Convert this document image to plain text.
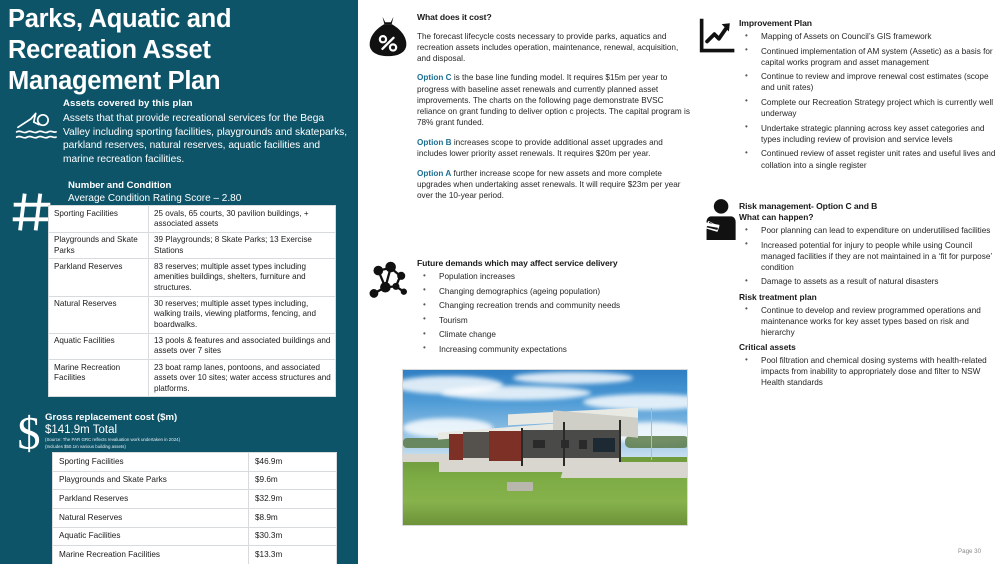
Parks, Aquatic and Recreation Asset Management Plan
Assets covered by this plan
Assets that that provide recreational services for the Bega Valley including sporting facilities, playgrounds and skateparks, parkland reserves, natural reserves, aquatic facilities and marine recreation facilities.
Number and Condition
Average Condition Rating Score – 2.80
Sporting Facilities	25 ovals, 65 courts, 30 pavilion buildings, + associated assets
Playgrounds and Skate Parks	39 Playgrounds; 8 Skate Parks; 13 Exercise Stations
Parkland Reserves	83 reserves; multiple asset types including amenities buildings, shelters, furniture and structures.
Natural Reserves	30 reserves; multiple asset types including, walking trails, viewing platforms, fencing, and boardwalks.
Aquatic Facilities	13 pools & features and associated buildings and assets over 7 sites
Marine Recreation Facilities	23 boat ramp lanes, pontoons, and associated assets over 10 sites; water access structures and platforms.
$ Gross replacement cost ($m)
$141.9m Total
(Source: The PAR GRC reflects revaluation work undertaken in 2024)
(Includes $50.1m various building assets)
Sporting Facilities	$46.9m
Playgrounds and Skate Parks	$9.6m
Parkland Reserves	$32.9m
Natural Reserves	$8.9m
Aquatic Facilities	$30.3m
Marine Recreation Facilities	$13.3m

What does it cost?

The forecast lifecycle costs necessary to provide parks, aquatics and recreation assets includes operation, maintenance, renewal, acquisition, and disposal.

Option C is the base line funding model. It requires $15m per year to progress with baseline asset renewals and currently planned asset improvements. The charts on the following page demonstrate BVSC reliance on grant funding to deliver option c projects. The capital program is 78% grant funded.

Option B increases scope to provide additional asset upgrades and includes lower priority asset renewals. It requires $20m per year.

Option A further increase scope for new assets and more complete upgrades when undertaking asset renewals. It will require $23m per year over the 10-year period.

Future demands which may affect service delivery
• Population increases
• Changing demographics (ageing population)
• Changing recreation trends and community needs
• Tourism
• Climate change
• Increasing community expectations
Improvement Plan
• Mapping of Assets on Council’s GIS framework
• Continued implementation of AM system (Assetic) as a basis for capital works program and asset management
• Continue to review and improve renewal cost estimates (scope and unit rates)
• Complete our Recreation Strategy project which is currently well underway
• Undertake strategic planning across key asset categories and types including review of provision and service levels
• Continued review of asset register unit rates and useful lives and collation into a single register
Risk management- Option C and B
What can happen?
• Poor planning can lead to expenditure on underutilised facilities
• Increased potential for injury to people while using Council managed facilities if they are not maintained in a ‘fit for purpose’ condition
• Damage to assets as a result of natural disasters
Risk treatment plan
• Continue to develop and review programmed operations and maintenance works for key asset types based on risk and hierarchy
Critical assets
• Pool filtration and chemical dosing systems with health-related impacts from inability to appropriately dose and filter to NSW Health standards
Page 30
